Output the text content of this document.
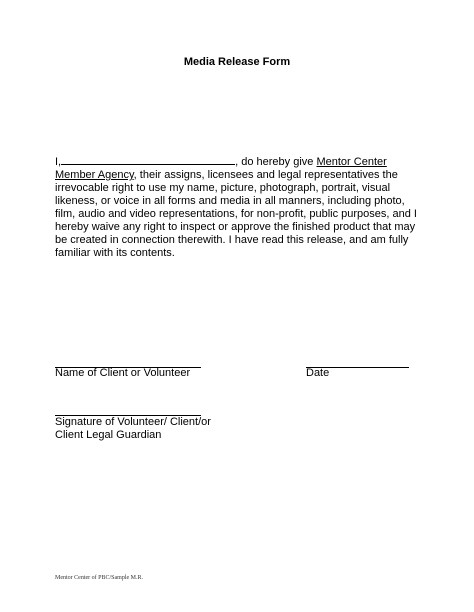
Media Release Form
I,	, do hereby give Mentor Center Member Agency, their assigns, licensees and legal representatives the irrevocable right to use my name, picture, photograph, portrait, visual likeness, or voice in all forms and media in all manners, including photo, film, audio and video representations, for non-profit, public purposes, and I hereby waive any right to inspect or approve the finished product that may be created in connection therewith. I have read this release, and am fully familiar with its contents.
Name of Client or Volunteer	Date
Signature of Volunteer/ Client/or
Client Legal Guardian
Mentor Center of PBC/Sample M.R.
